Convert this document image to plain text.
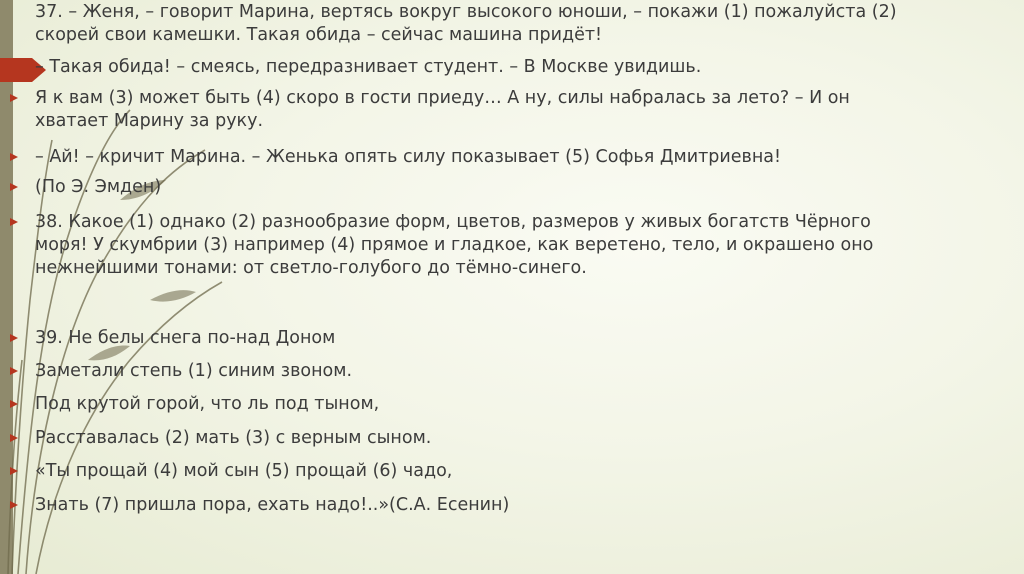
37. – Женя, – говорит Марина, вертясь вокруг высокого юноши, – покажи (1) пожалуйста (2)
скорей свои камешки. Такая обида – сейчас машина придёт!
– Такая обида! – смеясь, передразнивает студент. – В Москве увидишь.
Я к вам (3) может быть (4) скоро в гости приеду… А ну, силы набралась за лето? – И он
хватает Марину за руку.
– Ай! – кричит Марина. – Женька опять силу показывает (5) Софья Дмитриевна!
(По Э. Эмден)
38. Какое (1) однако (2) разнообразие форм, цветов, размеров у живых богатств Чёрного
моря! У скумбрии (3) например (4) прямое и гладкое, как веретено, тело, и окрашено оно
нежнейшими тонами: от светло-голубого до тёмно-синего.
39. Не белы снега по-над Доном
Заметали степь (1) синим звоном.
Под крутой горой, что ль под тыном,
Расставалась (2) мать (3) с верным сыном.
«Ты прощай (4) мой сын (5) прощай (6) чадо,
Знать (7) пришла пора, ехать надо!..»(С.А. Есенин)
